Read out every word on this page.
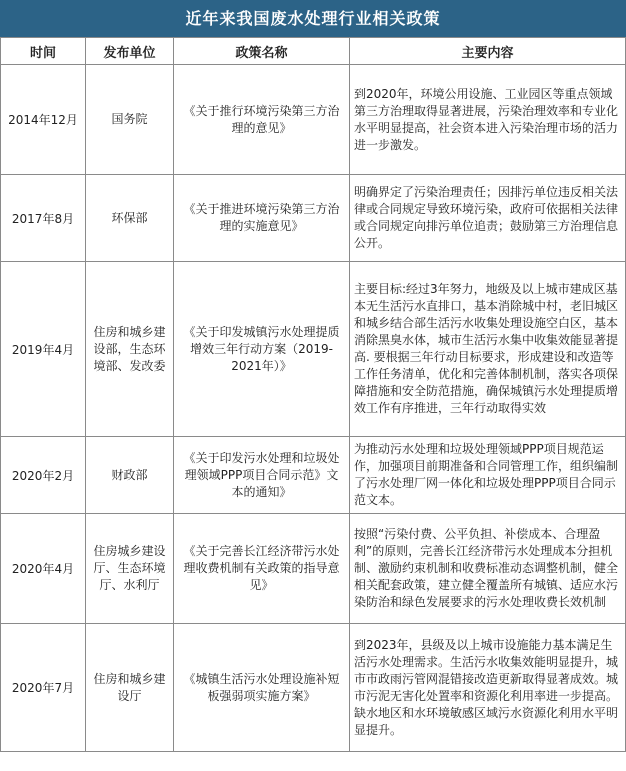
近年来我国废水处理行业相关政策
时间	发布单位	政策名称	主要内容
2014年12月	国务院	《关于推行环境污染第三方治理的意见》	到2020年，环境公用设施、工业园区等重点领域第三方治理取得显著进展，污染治理效率和专业化水平明显提高，社会资本进入污染治理市场的活力进一步激发。
2017年8月	环保部	《关于推进环境污染第三方治理的实施意见》	明确界定了污染治理责任；因排污单位违反相关法律或合同规定导致环境污染，政府可依据相关法律或合同规定向排污单位追责；鼓励第三方治理信息公开。
2019年4月	住房和城乡建设部，生态环境部、发改委	《关于印发城镇污水处理提质增效三年行动方案（2019-2021年）》	主要目标:经过3年努力，地级及以上城市建成区基本无生活污水直排口，基本消除城中村，老旧城区和城乡结合部生活污水收集处理设施空白区，基本消除黑臭水体，城市生活污水集中收集效能显著提高. 要根据三年行动目标要求，形成建设和改造等工作任务清单，优化和完善体制机制，落实各项保障措施和安全防范措施，确保城镇污水处理提质增效工作有序推进，三年行动取得实效
2020年2月	财政部	《关于印发污水处理和垃圾处理领域PPP项目合同示范》文本的通知》	为推动污水处理和垃圾处理领域PPP项目规范运作，加强项目前期准备和合同管理工作，组织编制了污水处理厂网一体化和垃圾处理PPP项目合同示范文本。
2020年4月	住房城乡建设厅、生态环境厅、水利厅	《关于完善长江经济带污水处理收费机制有关政策的指导意见》	按照“污染付费、公平负担、补偿成本、合理盈利”的原则，完善长江经济带污水处理成本分担机制、激励约束机制和收费标准动态调整机制，健全相关配套政策，建立健全覆盖所有城镇、适应水污染防治和绿色发展要求的污水处理收费长效机制
2020年7月	住房和城乡建设厅	《城镇生活污水处理设施补短板强弱项实施方案》	到2023年，县级及以上城市设施能力基本满足生活污水处理需求。生活污水收集效能明显提升，城市市政雨污管网混错接改造更新取得显著成效。城市污泥无害化处置率和资源化利用率进一步提高。缺水地区和水环境敏感区域污水资源化利用水平明显提升。
